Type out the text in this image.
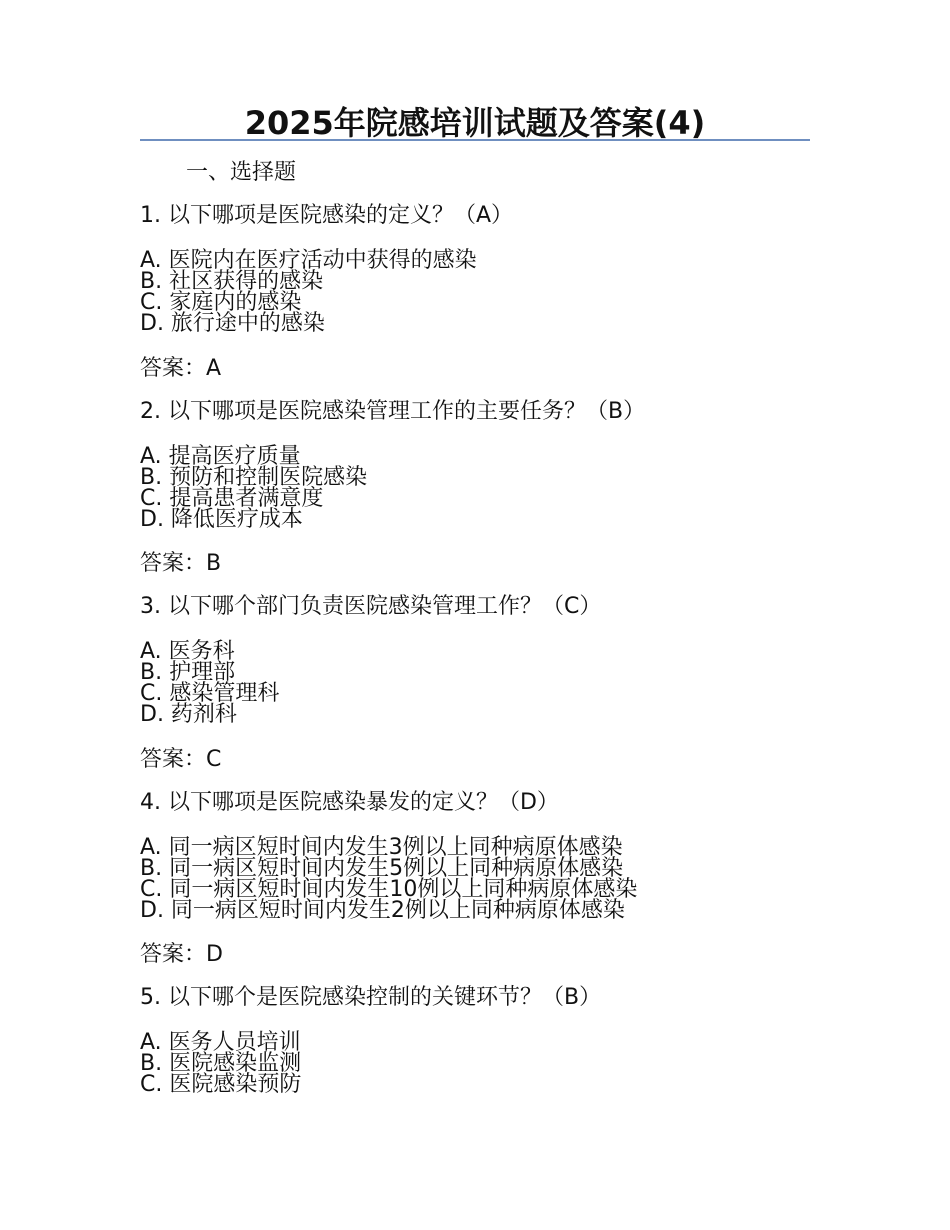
2025年院感培训试题及答案(4)
一、选择题
1. 以下哪项是医院感染的定义？（A）
A. 医院内在医疗活动中获得的感染
B. 社区获得的感染
C. 家庭内的感染
D. 旅行途中的感染
答案：A
2. 以下哪项是医院感染管理工作的主要任务？（B）
A. 提高医疗质量
B. 预防和控制医院感染
C. 提高患者满意度
D. 降低医疗成本
答案：B
3. 以下哪个部门负责医院感染管理工作？（C）
A. 医务科
B. 护理部
C. 感染管理科
D. 药剂科
答案：C
4. 以下哪项是医院感染暴发的定义？（D）
A. 同一病区短时间内发生3例以上同种病原体感染
B. 同一病区短时间内发生5例以上同种病原体感染
C. 同一病区短时间内发生10例以上同种病原体感染
D. 同一病区短时间内发生2例以上同种病原体感染
答案：D
5. 以下哪个是医院感染控制的关键环节？（B）
A. 医务人员培训
B. 医院感染监测
C. 医院感染预防
